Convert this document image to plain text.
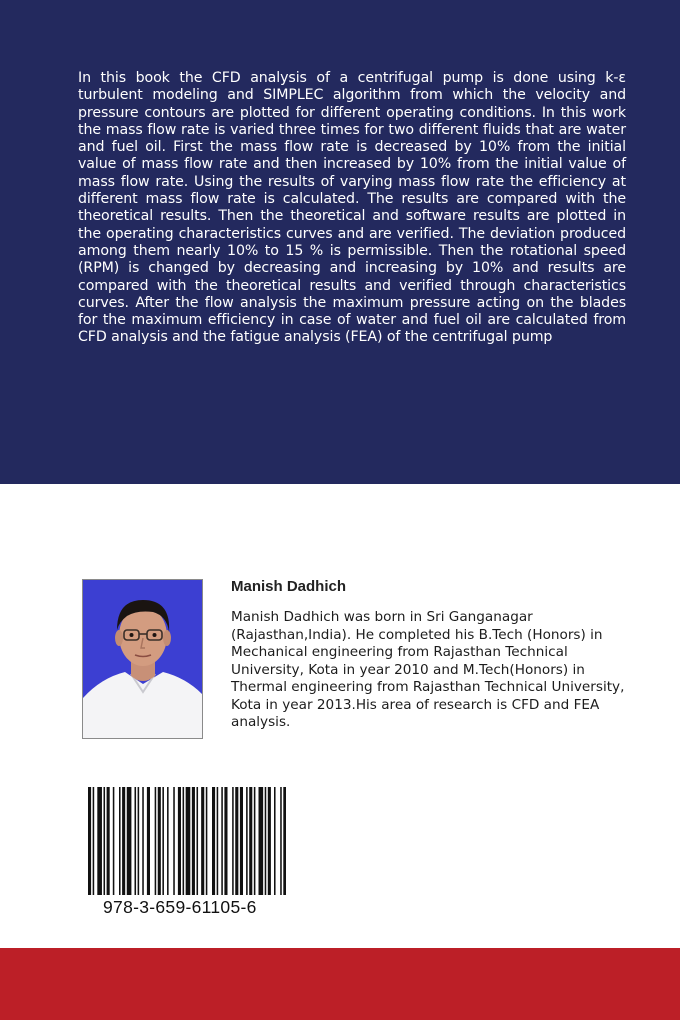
In this book the CFD analysis of a centrifugal pump is done using k-ε turbulent modeling and SIMPLEC algorithm from which the velocity and pressure contours are plotted for different operating conditions. In this work the mass flow rate is varied three times for two different fluids that are water and fuel oil. First the mass flow rate is decreased by 10% from the initial value of mass flow rate and then increased by 10% from the initial value of mass flow rate. Using the results of varying mass flow rate the efficiency at different mass flow rate is calculated. The results are compared with the theoretical results. Then the theoretical and software results are plotted in the operating characteristics curves and are verified. The deviation produced among them nearly 10% to 15 % is permissible. Then the rotational speed (RPM) is changed by decreasing and increasing by 10% and results are compared with the theoretical results and verified through characteristics curves. After the flow analysis the maximum pressure acting on the blades for the maximum efficiency in case of water and fuel oil are calculated from CFD analysis and the fatigue analysis (FEA) of the centrifugal pump

Manish Dadhich

Manish Dadhich was born in Sri Ganganagar (Rajasthan,India). He completed his B.Tech (Honors) in Mechanical engineering from Rajasthan Technical University, Kota in year 2010 and M.Tech(Honors) in Thermal engineering from Rajasthan Technical University, Kota in year 2013.His area of research is CFD and FEA analysis.

978-3-659-61105-6
